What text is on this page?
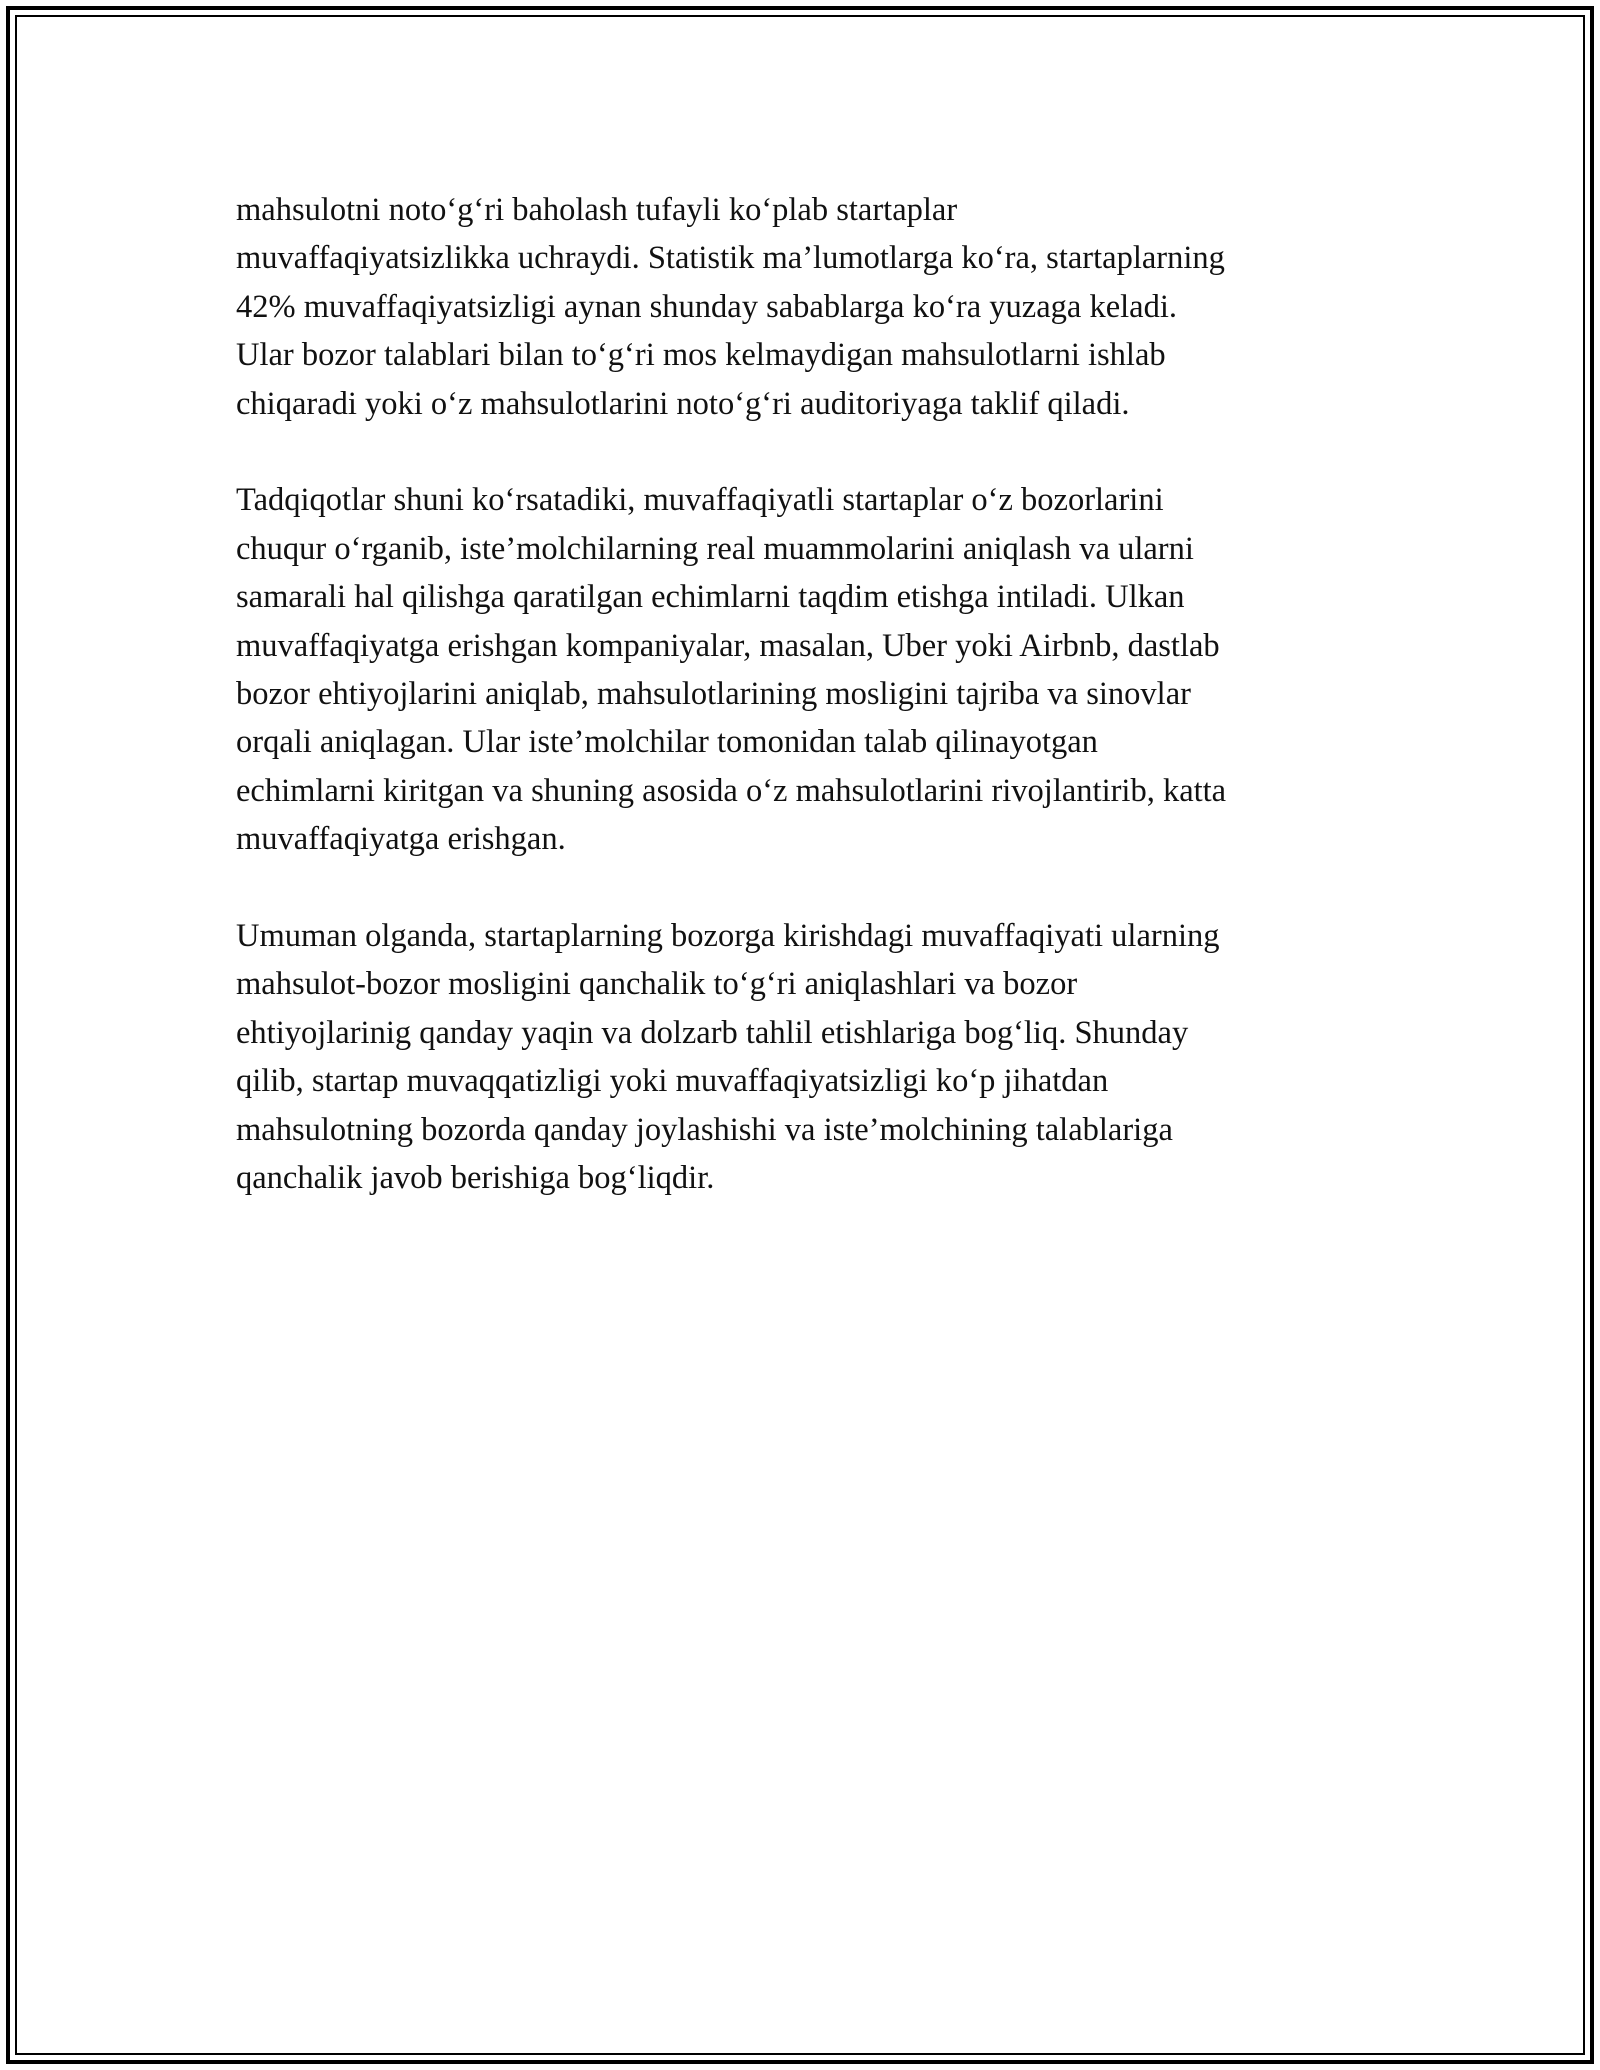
mahsulotni noto‘g‘ri baholash tufayli ko‘plab startaplar
muvaffaqiyatsizlikka uchraydi. Statistik ma’lumotlarga ko‘ra, startaplarning
42% muvaffaqiyatsizligi aynan shunday sabablarga ko‘ra yuzaga keladi.
Ular bozor talablari bilan to‘g‘ri mos kelmaydigan mahsulotlarni ishlab
chiqaradi yoki o‘z mahsulotlarini noto‘g‘ri auditoriyaga taklif qiladi.

Tadqiqotlar shuni ko‘rsatadiki, muvaffaqiyatli startaplar o‘z bozorlarini
chuqur o‘rganib, iste’molchilarning real muammolarini aniqlash va ularni
samarali hal qilishga qaratilgan echimlarni taqdim etishga intiladi. Ulkan
muvaffaqiyatga erishgan kompaniyalar, masalan, Uber yoki Airbnb, dastlab
bozor ehtiyojlarini aniqlab, mahsulotlarining mosligini tajriba va sinovlar
orqali aniqlagan. Ular iste’molchilar tomonidan talab qilinayotgan
echimlarni kiritgan va shuning asosida o‘z mahsulotlarini rivojlantirib, katta
muvaffaqiyatga erishgan.

Umuman olganda, startaplarning bozorga kirishdagi muvaffaqiyati ularning
mahsulot-bozor mosligini qanchalik to‘g‘ri aniqlashlari va bozor
ehtiyojlarinig qanday yaqin va dolzarb tahlil etishlariga bog‘liq. Shunday
qilib, startap muvaqqatizligi yoki muvaffaqiyatsizligi ko‘p jihatdan
mahsulotning bozorda qanday joylashishi va iste’molchining talablariga
qanchalik javob berishiga bog‘liqdir.
